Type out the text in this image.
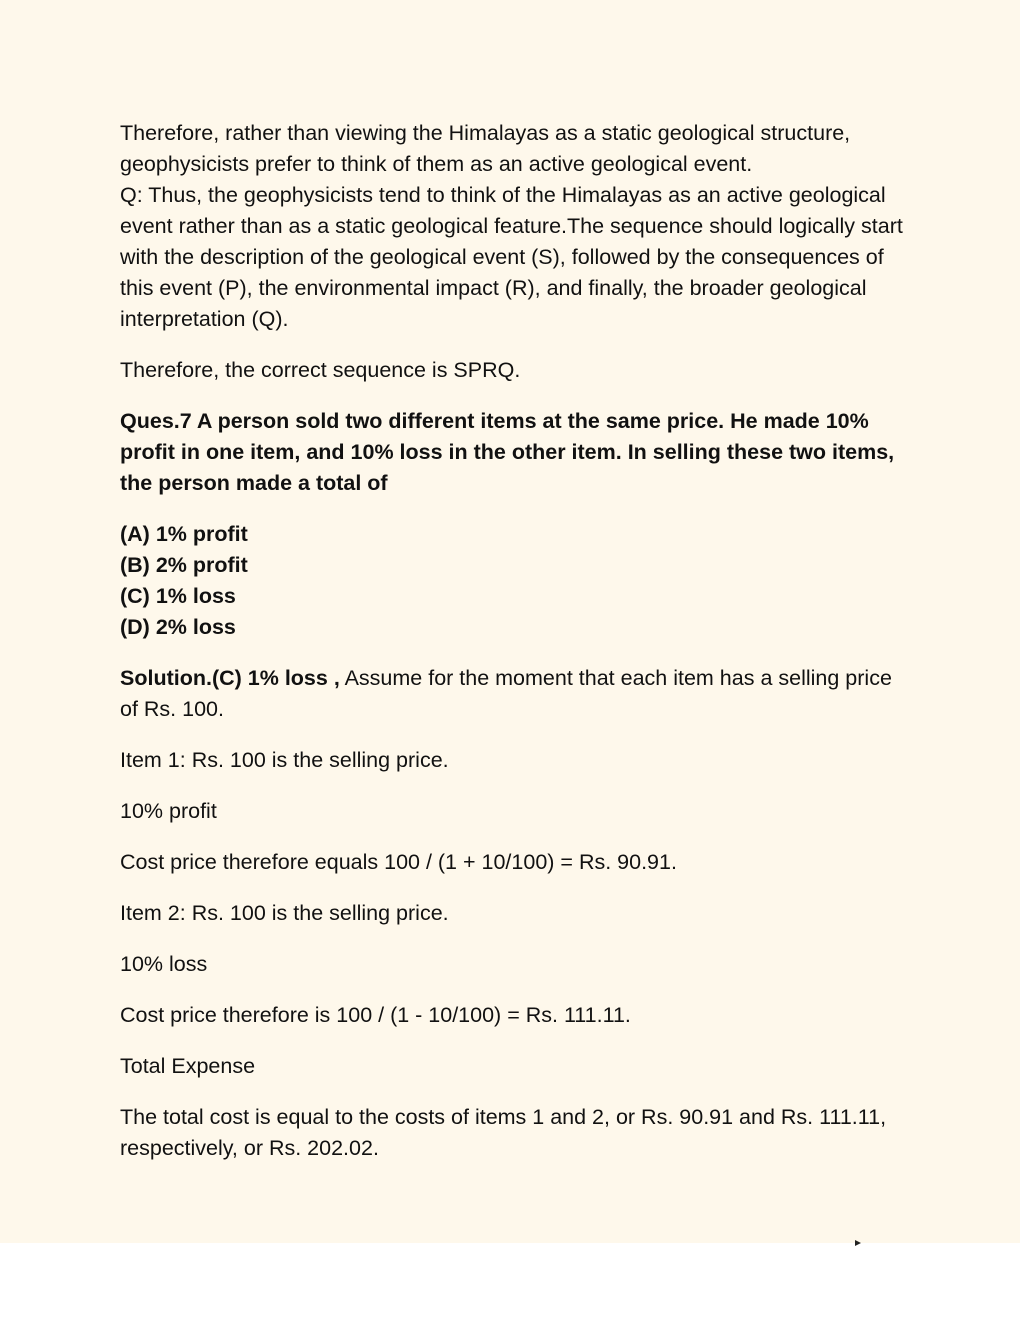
Therefore, rather than viewing the Himalayas as a static geological structure, geophysicists prefer to think of them as an active geological event.

Q: Thus, the geophysicists tend to think of the Himalayas as an active geological event rather than as a static geological feature.The sequence should logically start with the description of the geological event (S), followed by the consequences of this event (P), the environmental impact (R), and finally, the broader geological interpretation (Q).

Therefore, the correct sequence is SPRQ.

Ques.7 A person sold two different items at the same price. He made 10% profit in one item, and 10% loss in the other item. In selling these two items, the person made a total of

(A) 1% profit
(B) 2% profit
(C) 1% loss
(D) 2% loss

Solution.(C) 1% loss , Assume for the moment that each item has a selling price of Rs. 100.

Item 1: Rs. 100 is the selling price.

10% profit

Cost price therefore equals 100 / (1 + 10/100) = Rs. 90.91.

Item 2: Rs. 100 is the selling price.

10% loss

Cost price therefore is 100 / (1 - 10/100) = Rs. 111.11.

Total Expense

The total cost is equal to the costs of items 1 and 2, or Rs. 90.91 and Rs. 111.11, respectively, or Rs. 202.02.
